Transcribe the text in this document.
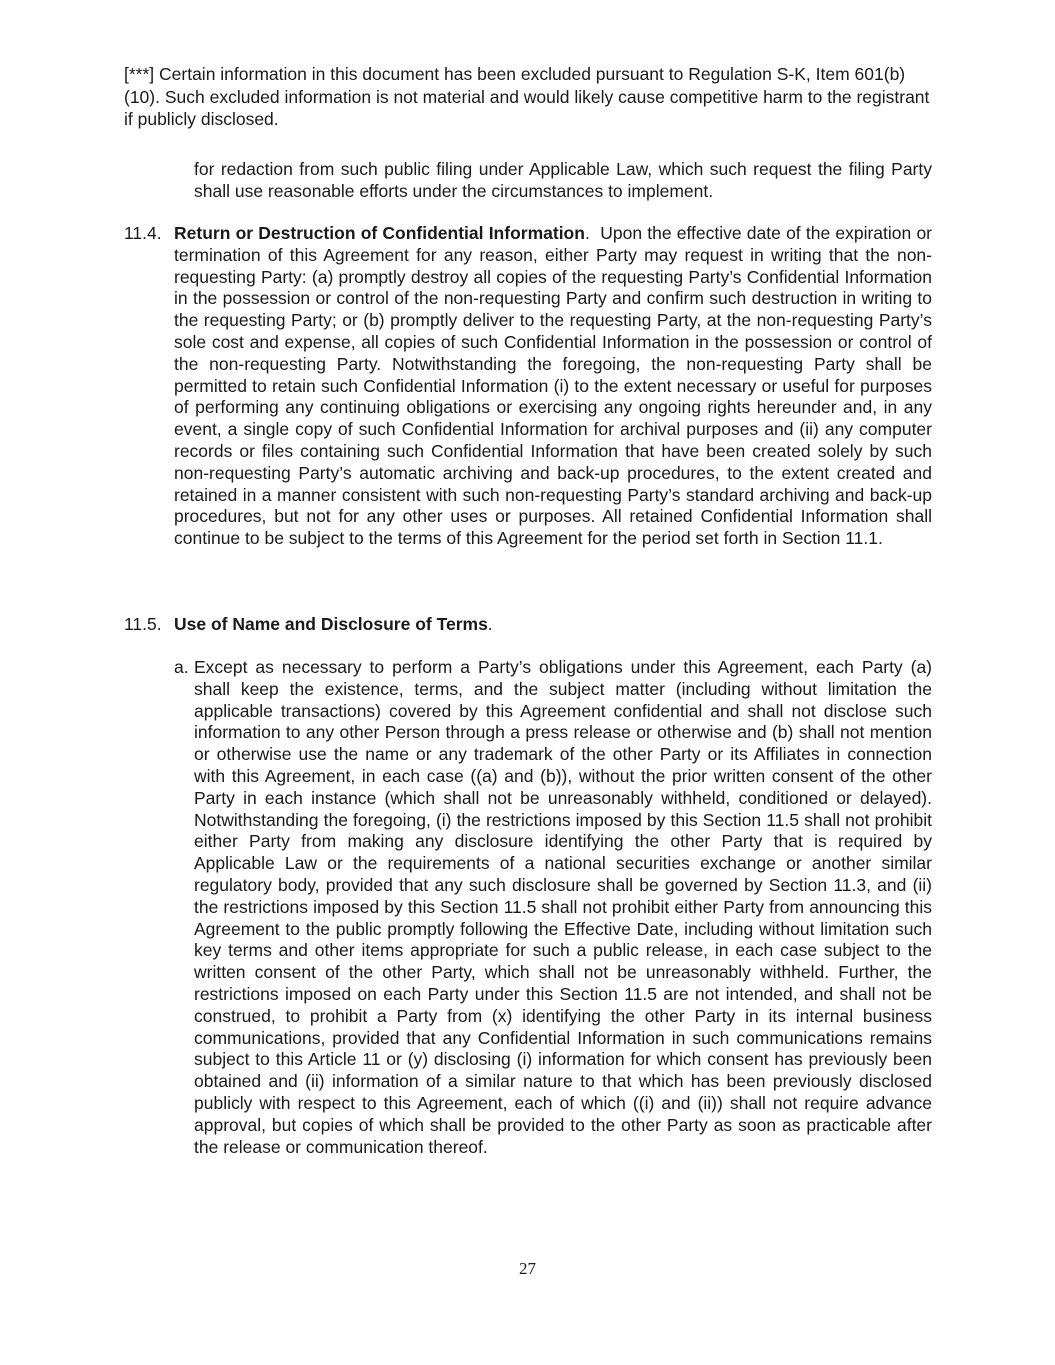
[***] Certain information in this document has been excluded pursuant to Regulation S-K, Item 601(b)(10). Such excluded information is not material and would likely cause competitive harm to the registrant if publicly disclosed.
for redaction from such public filing under Applicable Law, which such request the filing Party shall use reasonable efforts under the circumstances to implement.
11.4. Return or Destruction of Confidential Information. Upon the effective date of the expiration or termination of this Agreement for any reason, either Party may request in writing that the non-requesting Party: (a) promptly destroy all copies of the requesting Party’s Confidential Information in the possession or control of the non-requesting Party and confirm such destruction in writing to the requesting Party; or (b) promptly deliver to the requesting Party, at the non-requesting Party’s sole cost and expense, all copies of such Confidential Information in the possession or control of the non-requesting Party. Notwithstanding the foregoing, the non-requesting Party shall be permitted to retain such Confidential Information (i) to the extent necessary or useful for purposes of performing any continuing obligations or exercising any ongoing rights hereunder and, in any event, a single copy of such Confidential Information for archival purposes and (ii) any computer records or files containing such Confidential Information that have been created solely by such non-requesting Party’s automatic archiving and back-up procedures, to the extent created and retained in a manner consistent with such non-requesting Party’s standard archiving and back-up procedures, but not for any other uses or purposes. All retained Confidential Information shall continue to be subject to the terms of this Agreement for the period set forth in Section 11.1.
11.5. Use of Name and Disclosure of Terms.
a. Except as necessary to perform a Party’s obligations under this Agreement, each Party (a) shall keep the existence, terms, and the subject matter (including without limitation the applicable transactions) covered by this Agreement confidential and shall not disclose such information to any other Person through a press release or otherwise and (b) shall not mention or otherwise use the name or any trademark of the other Party or its Affiliates in connection with this Agreement, in each case ((a) and (b)), without the prior written consent of the other Party in each instance (which shall not be unreasonably withheld, conditioned or delayed). Notwithstanding the foregoing, (i) the restrictions imposed by this Section 11.5 shall not prohibit either Party from making any disclosure identifying the other Party that is required by Applicable Law or the requirements of a national securities exchange or another similar regulatory body, provided that any such disclosure shall be governed by Section 11.3, and (ii) the restrictions imposed by this Section 11.5 shall not prohibit either Party from announcing this Agreement to the public promptly following the Effective Date, including without limitation such key terms and other items appropriate for such a public release, in each case subject to the written consent of the other Party, which shall not be unreasonably withheld. Further, the restrictions imposed on each Party under this Section 11.5 are not intended, and shall not be construed, to prohibit a Party from (x) identifying the other Party in its internal business communications, provided that any Confidential Information in such communications remains subject to this Article 11 or (y) disclosing (i) information for which consent has previously been obtained and (ii) information of a similar nature to that which has been previously disclosed publicly with respect to this Agreement, each of which ((i) and (ii)) shall not require advance approval, but copies of which shall be provided to the other Party as soon as practicable after the release or communication thereof.
27
